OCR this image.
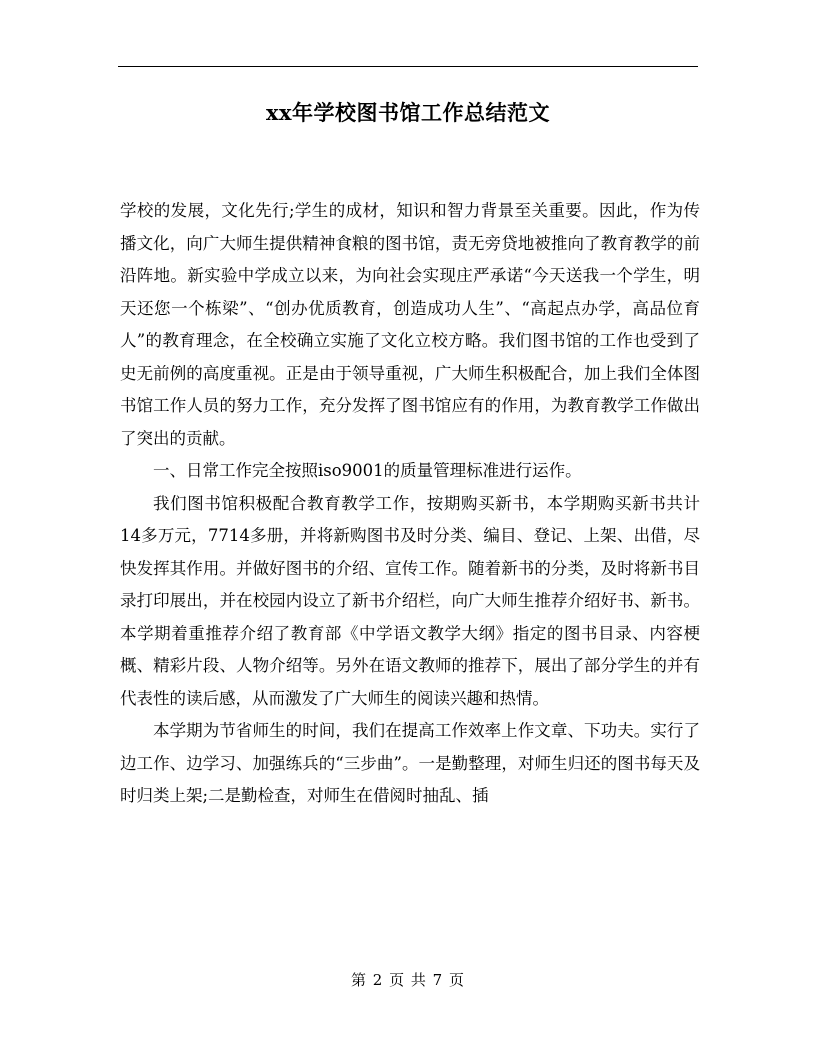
xx年学校图书馆工作总结范文

学校的发展，文化先行;学生的成材，知识和智力背景至关重要。因此，作为传播文化，向广大师生提供精神食粮的图书馆，责无旁贷地被推向了教育教学的前沿阵地。新实验中学成立以来，为向社会实现庄严承诺“今天送我一个学生，明天还您一个栋梁”、“创办优质教育，创造成功人生”、“高起点办学，高品位育人”的教育理念，在全校确立实施了文化立校方略。我们图书馆的工作也受到了史无前例的高度重视。正是由于领导重视，广大师生积极配合，加上我们全体图书馆工作人员的努力工作，充分发挥了图书馆应有的作用，为教育教学工作做出了突出的贡献。

一、日常工作完全按照iso9001的质量管理标准进行运作。

我们图书馆积极配合教育教学工作，按期购买新书，本学期购买新书共计14多万元，7714多册，并将新购图书及时分类、编目、登记、上架、出借，尽快发挥其作用。并做好图书的介绍、宣传工作。随着新书的分类，及时将新书目录打印展出，并在校园内设立了新书介绍栏，向广大师生推荐介绍好书、新书。本学期着重推荐介绍了教育部《中学语文教学大纲》指定的图书目录、内容梗概、精彩片段、人物介绍等。另外在语文教师的推荐下，展出了部分学生的并有代表性的读后感，从而激发了广大师生的阅读兴趣和热情。

本学期为节省师生的时间，我们在提高工作效率上作文章、下功夫。实行了边工作、边学习、加强练兵的“三步曲”。一是勤整理，对师生归还的图书每天及时归类上架;二是勤检查，对师生在借阅时抽乱、插

第 2 页 共 7 页
